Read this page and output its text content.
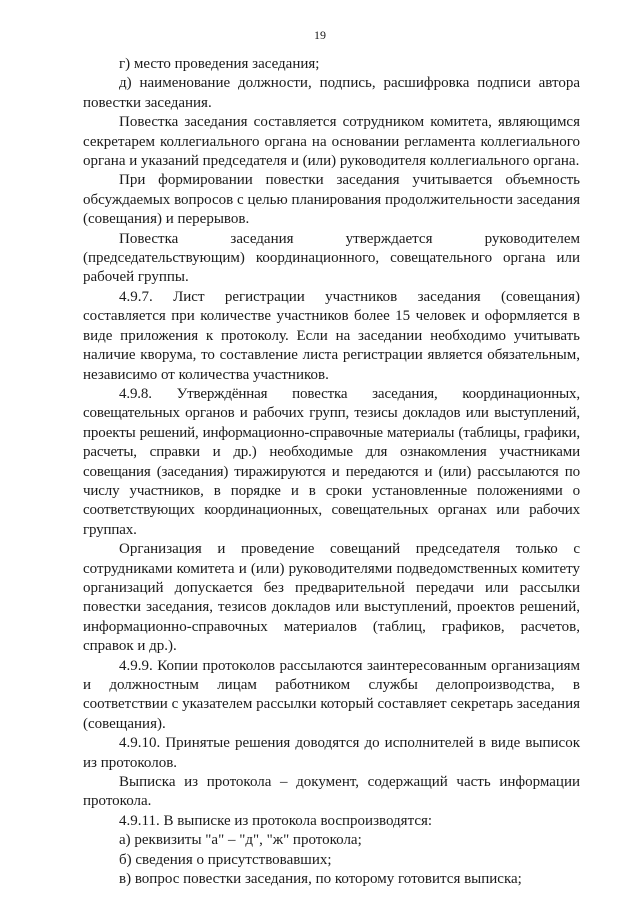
19

г) место проведения заседания;

д) наименование должности, подпись, расшифровка подписи автора повестки заседания.

Повестка заседания составляется сотрудником комитета, являющимся секретарем коллегиального органа на основании регламента коллегиального органа и указаний председателя и (или) руководителя коллегиального органа.

При формировании повестки заседания учитывается объемность обсуждаемых вопросов с целью планирования продолжительности заседания (совещания) и перерывов.

Повестка заседания утверждается руководителем (председательствующим) координационного, совещательного органа или рабочей группы.

4.9.7. Лист регистрации участников заседания (совещания) составляется при количестве участников более 15 человек и оформляется в виде приложения к протоколу. Если на заседании необходимо учитывать наличие кворума, то составление листа регистрации является обязательным, независимо от количества участников.

4.9.8. Утверждённая повестка заседания, координационных, совещательных органов и рабочих групп, тезисы докладов или выступлений, проекты решений, информационно-справочные материалы (таблицы, графики, расчеты, справки и др.) необходимые для ознакомления участниками совещания (заседания) тиражируются и передаются и (или) рассылаются по числу участников, в порядке и в сроки установленные положениями о соответствующих координационных, совещательных органах или рабочих группах.

Организация и проведение совещаний председателя только с сотрудниками комитета и (или) руководителями подведомственных комитету организаций допускается без предварительной передачи или рассылки повестки заседания, тезисов докладов или выступлений, проектов решений, информационно-справочных материалов (таблиц, графиков, расчетов, справок и др.).

4.9.9. Копии протоколов рассылаются заинтересованным организациям и должностным лицам работником службы делопроизводства, в соответствии с указателем рассылки который составляет секретарь заседания (совещания).

4.9.10. Принятые решения доводятся до исполнителей в виде выписок из протоколов.

Выписка из протокола – документ, содержащий часть информации протокола.

4.9.11. В выписке из протокола воспроизводятся:

а) реквизиты "а" – "д", "ж" протокола;

б) сведения о присутствовавших;

в) вопрос повестки заседания, по которому готовится выписка;
